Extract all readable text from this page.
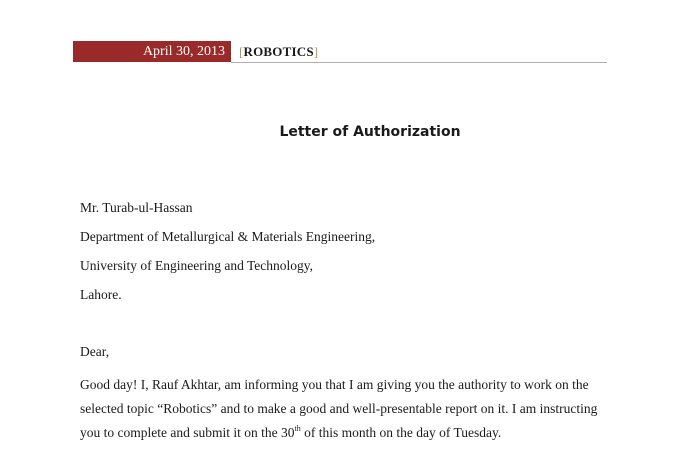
April 30, 2013	[ROBOTICS]
Letter of Authorization
Mr. Turab-ul-Hassan
Department of Metallurgical & Materials Engineering,
University of Engineering and Technology,
Lahore.
Dear,
Good day! I, Rauf Akhtar, am informing you that I am giving you the authority to work on the
selected topic “Robotics” and to make a good and well-presentable report on it. I am instructing
you to complete and submit it on the 30th of this month on the day of Tuesday.
